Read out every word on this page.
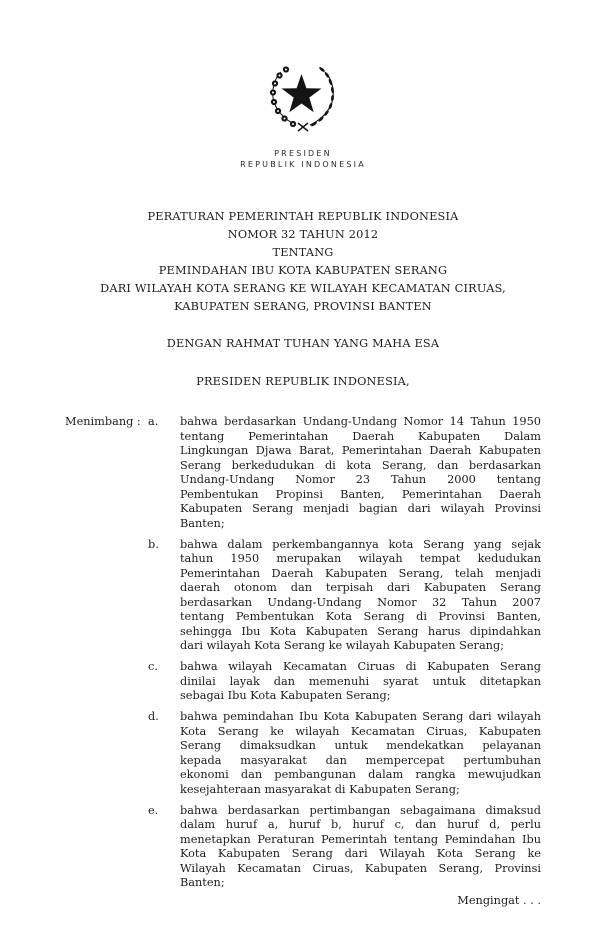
PRESIDEN
REPUBLIK INDONESIA
PERATURAN PEMERINTAH REPUBLIK INDONESIA
NOMOR 32 TAHUN 2012
TENTANG
PEMINDAHAN IBU KOTA KABUPATEN SERANG
DARI WILAYAH KOTA SERANG KE WILAYAH KECAMATAN CIRUAS,
KABUPATEN SERANG, PROVINSI BANTEN
DENGAN RAHMAT TUHAN YANG MAHA ESA
PRESIDEN REPUBLIK INDONESIA,
Menimbang : a.	bahwa berdasarkan Undang-Undang Nomor 14 Tahun 1950
tentang Pemerintahan Daerah Kabupaten Dalam
Lingkungan Djawa Barat, Pemerintahan Daerah Kabupaten
Serang berkedudukan di kota Serang, dan berdasarkan
Undang-Undang Nomor 23 Tahun 2000 tentang
Pembentukan Propinsi Banten, Pemerintahan Daerah
Kabupaten Serang menjadi bagian dari wilayah Provinsi
Banten;
b.	bahwa dalam perkembangannya kota Serang yang sejak
tahun 1950 merupakan wilayah tempat kedudukan
Pemerintahan Daerah Kabupaten Serang, telah menjadi
daerah otonom dan terpisah dari Kabupaten Serang
berdasarkan Undang-Undang Nomor 32 Tahun 2007
tentang Pembentukan Kota Serang di Provinsi Banten,
sehingga Ibu Kota Kabupaten Serang harus dipindahkan
dari wilayah Kota Serang ke wilayah Kabupaten Serang;
c.	bahwa wilayah Kecamatan Ciruas di Kabupaten Serang
dinilai layak dan memenuhi syarat untuk ditetapkan
sebagai Ibu Kota Kabupaten Serang;
d.	bahwa pemindahan Ibu Kota Kabupaten Serang dari wilayah
Kota Serang ke wilayah Kecamatan Ciruas, Kabupaten
Serang dimaksudkan untuk mendekatkan pelayanan
kepada masyarakat dan mempercepat pertumbuhan
ekonomi dan pembangunan dalam rangka mewujudkan
kesejahteraan masyarakat di Kabupaten Serang;
e.	bahwa berdasarkan pertimbangan sebagaimana dimaksud
dalam huruf a, huruf b, huruf c, dan huruf d, perlu
menetapkan Peraturan Pemerintah tentang Pemindahan Ibu
Kota Kabupaten Serang dari Wilayah Kota Serang ke
Wilayah Kecamatan Ciruas, Kabupaten Serang, Provinsi
Banten;
Mengingat . . .
